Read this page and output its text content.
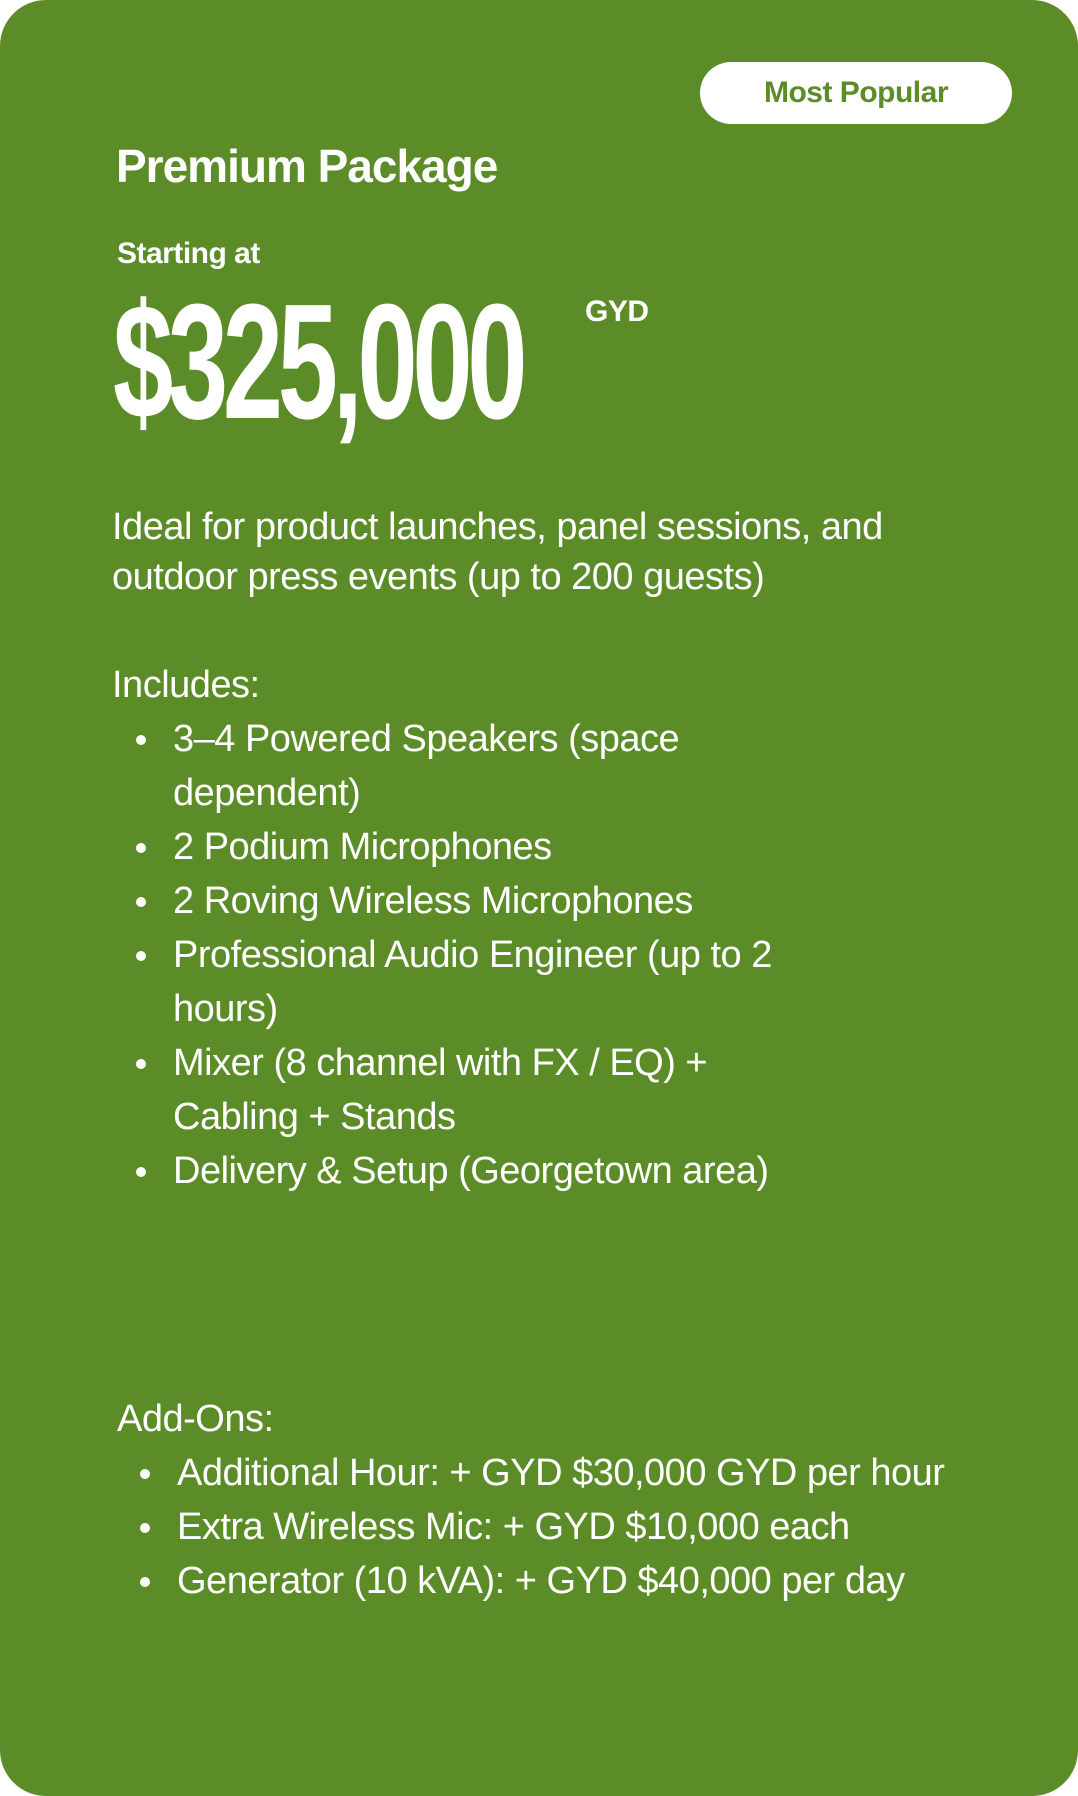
Most Popular
Premium Package
Starting at
$325,000 GYD
Ideal for product launches, panel sessions, and outdoor press events (up to 200 guests)
Includes:
3–4 Powered Speakers (space dependent)
2 Podium Microphones
2 Roving Wireless Microphones
Professional Audio Engineer (up to 2 hours)
Mixer (8 channel with FX / EQ) + Cabling + Stands
Delivery & Setup (Georgetown area)
Add-Ons:
Additional Hour: + GYD $30,000 GYD per hour
Extra Wireless Mic: + GYD $10,000 each
Generator (10 kVA): + GYD $40,000 per day
